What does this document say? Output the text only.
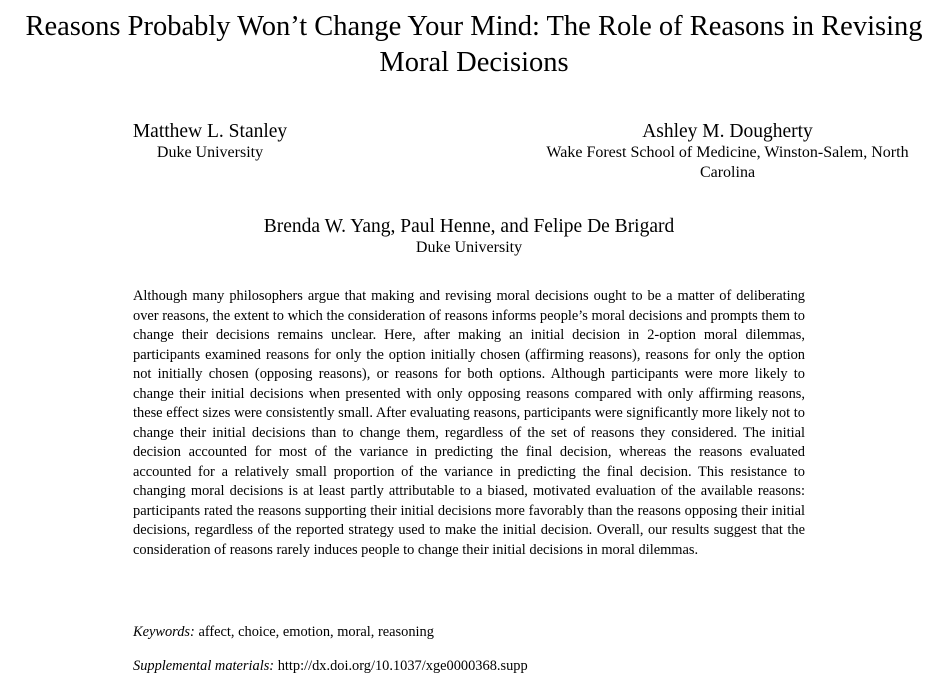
Reasons Probably Won’t Change Your Mind: The Role of Reasons in Revising Moral Decisions
Matthew L. Stanley
Duke University
Ashley M. Dougherty
Wake Forest School of Medicine, Winston-Salem, North Carolina
Brenda W. Yang, Paul Henne, and Felipe De Brigard
Duke University
Although many philosophers argue that making and revising moral decisions ought to be a matter of deliberating over reasons, the extent to which the consideration of reasons informs people’s moral decisions and prompts them to change their decisions remains unclear. Here, after making an initial decision in 2-option moral dilemmas, participants examined reasons for only the option initially chosen (affirming reasons), reasons for only the option not initially chosen (opposing reasons), or reasons for both options. Although participants were more likely to change their initial decisions when presented with only opposing reasons compared with only affirming reasons, these effect sizes were consistently small. After evaluating reasons, participants were significantly more likely not to change their initial decisions than to change them, regardless of the set of reasons they considered. The initial decision accounted for most of the variance in predicting the final decision, whereas the reasons evaluated accounted for a relatively small proportion of the variance in predicting the final decision. This resistance to changing moral decisions is at least partly attributable to a biased, motivated evaluation of the available reasons: participants rated the reasons supporting their initial decisions more favorably than the reasons opposing their initial decisions, regardless of the reported strategy used to make the initial decision. Overall, our results suggest that the consideration of reasons rarely induces people to change their initial decisions in moral dilemmas.
Keywords: affect, choice, emotion, moral, reasoning
Supplemental materials: http://dx.doi.org/10.1037/xge0000368.supp
